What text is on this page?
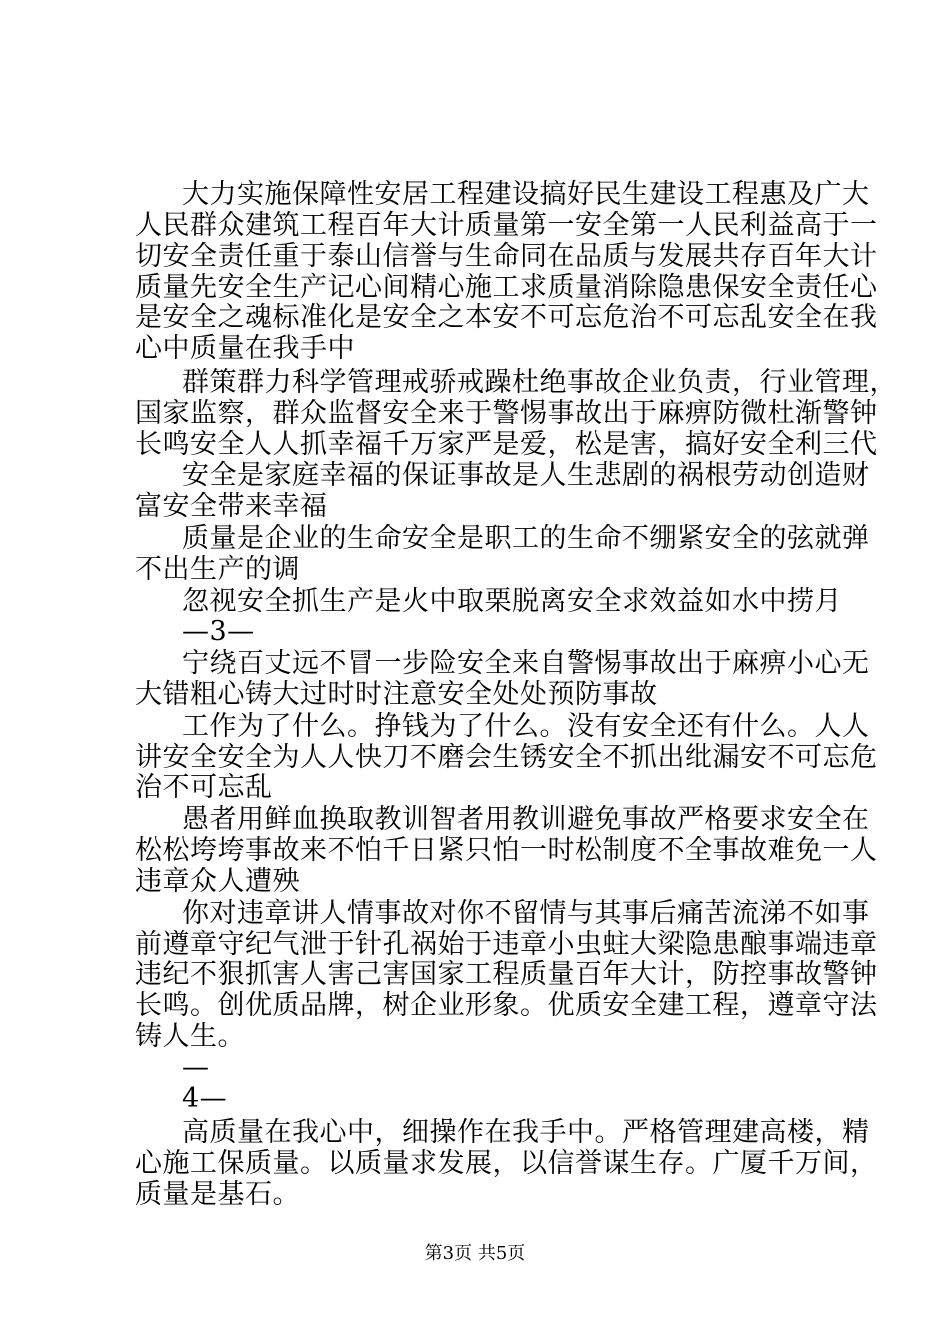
大力实施保障性安居工程建设搞好民生建设工程惠及广大
人民群众建筑工程百年大计质量第一安全第一人民利益高于一
切安全责任重于泰山信誉与生命同在品质与发展共存百年大计
质量先安全生产记心间精心施工求质量消除隐患保安全责任心
是安全之魂标准化是安全之本安不可忘危治不可忘乱安全在我
心中质量在我手中
群策群力科学管理戒骄戒躁杜绝事故企业负责，行业管理，
国家监察，群众监督安全来于警惕事故出于麻痹防微杜渐警钟
长鸣安全人人抓幸福千万家严是爱，松是害，搞好安全利三代
安全是家庭幸福的保证事故是人生悲剧的祸根劳动创造财
富安全带来幸福
质量是企业的生命安全是职工的生命不绷紧安全的弦就弹
不出生产的调
忽视安全抓生产是火中取栗脱离安全求效益如水中捞月
—3—
宁绕百丈远不冒一步险安全来自警惕事故出于麻痹小心无
大错粗心铸大过时时注意安全处处预防事故
工作为了什么。挣钱为了什么。没有安全还有什么。人人
讲安全安全为人人快刀不磨会生锈安全不抓出纰漏安不可忘危
治不可忘乱
愚者用鲜血换取教训智者用教训避免事故严格要求安全在
松松垮垮事故来不怕千日紧只怕一时松制度不全事故难免一人
违章众人遭殃
你对违章讲人情事故对你不留情与其事后痛苦流涕不如事
前遵章守纪气泄于针孔祸始于违章小虫蛀大梁隐患酿事端违章
违纪不狠抓害人害己害国家工程质量百年大计，防控事故警钟
长鸣。创优质品牌，树企业形象。优质安全建工程，遵章守法
铸人生。
—
4—
高质量在我心中，细操作在我手中。严格管理建高楼，精
心施工保质量。以质量求发展，以信誉谋生存。广厦千万间，
质量是基石。
第3页 共5页
